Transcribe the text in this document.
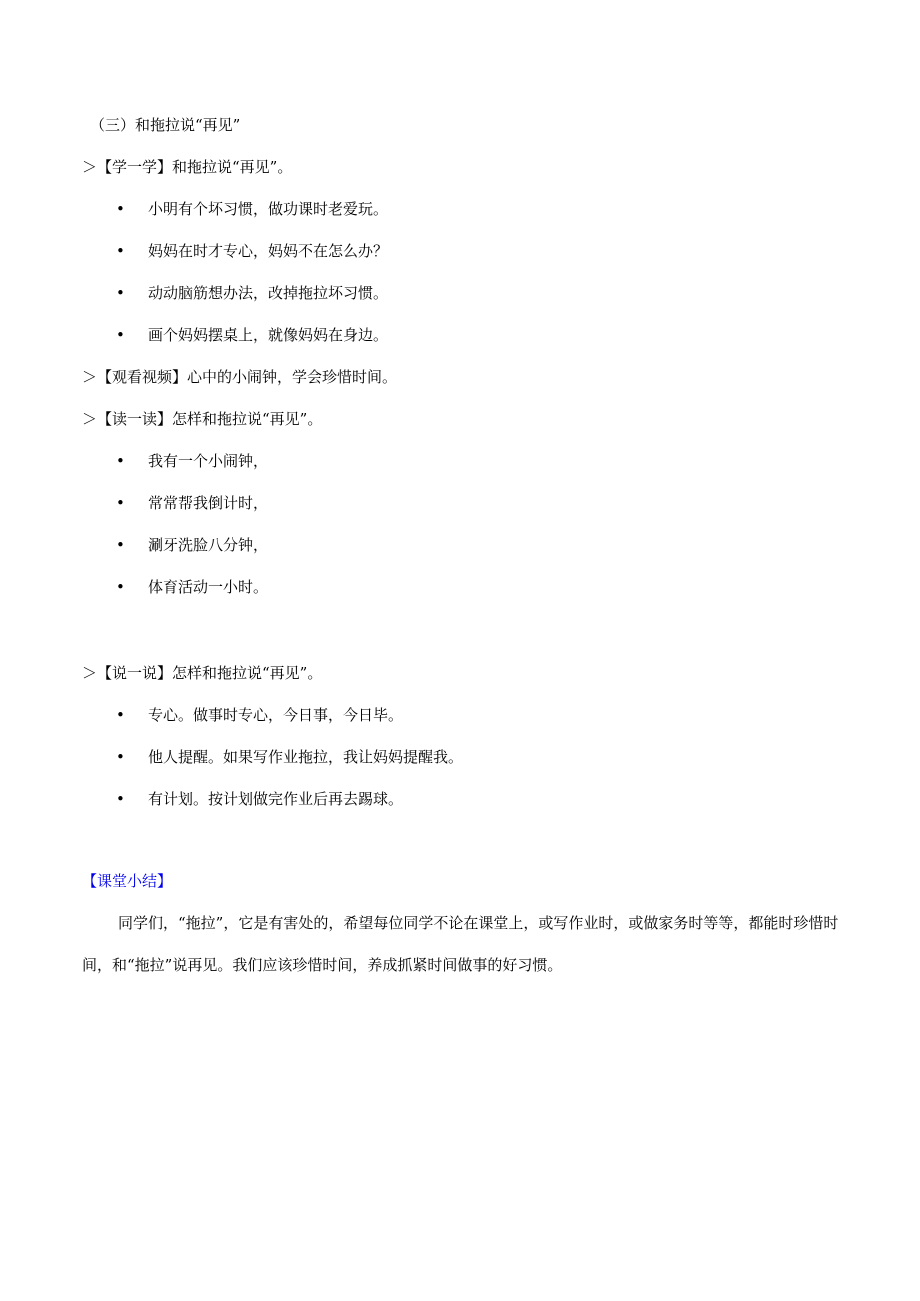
（三）和拖拉说“再见”
＞【学一学】和拖拉说“再见”。
• 小明有个坏习惯，做功课时老爱玩。
• 妈妈在时才专心，妈妈不在怎么办？
• 动动脑筋想办法，改掉拖拉坏习惯。
• 画个妈妈摆桌上，就像妈妈在身边。
＞【观看视频】心中的小闹钟，学会珍惜时间。
＞【读一读】怎样和拖拉说“再见”。
• 我有一个小闹钟，
• 常常帮我倒计时，
• 涮牙洗脸八分钟，
• 体育活动一小时。
＞【说一说】怎样和拖拉说“再见”。
• 专心。做事时专心，今日事，今日毕。
• 他人提醒。如果写作业拖拉，我让妈妈提醒我。
• 有计划。按计划做完作业后再去踢球。
【课堂小结】
同学们，“拖拉”，它是有害处的，希望每位同学不论在课堂上，或写作业时，或做家务时等等，都能时珍惜时间，和“拖拉”说再见。我们应该珍惜时间，养成抓紧时间做事的好习惯。
